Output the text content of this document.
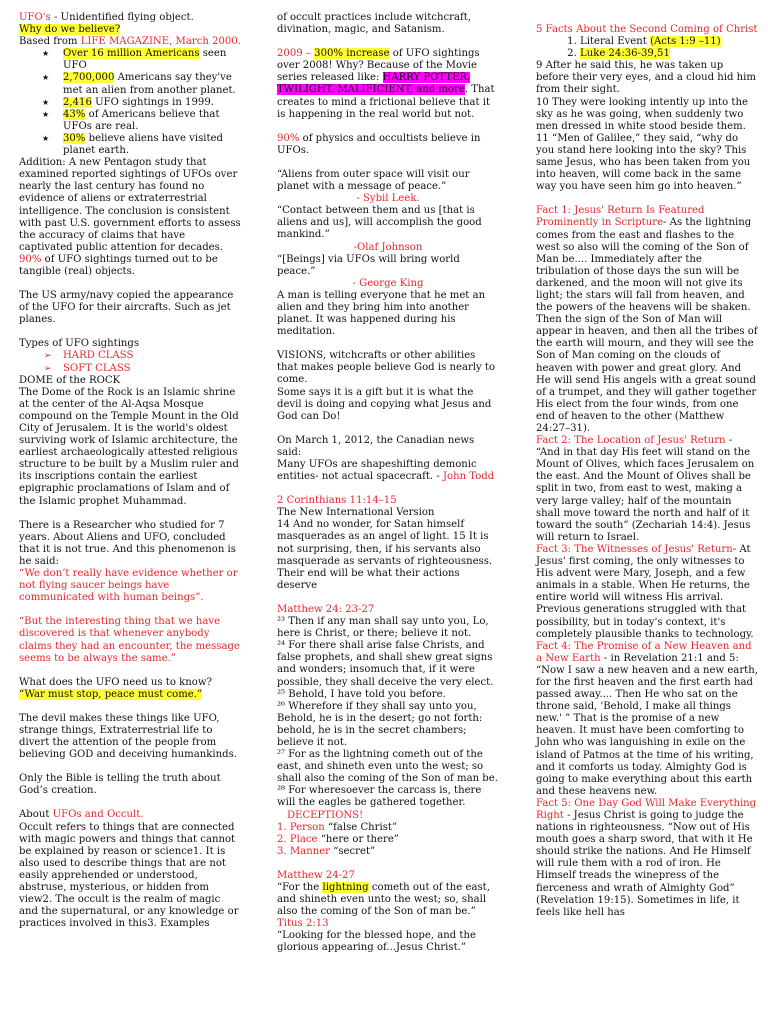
UFO's - Unidentified flying object.

Why do we believe?

Based from LIFE MAGAZINE, March 2000.

★ Over 16 million Americans seen UFO
★ 2,700,000 Americans say they've met an alien from another planet.
★ 2,416 UFO sightings in 1999.
★ 43% of Americans believe that UFOs are real.
★ 30% believe aliens have visited planet earth.

Addition: A new Pentagon study that examined reported sightings of UFOs over nearly the last century has found no evidence of aliens or extraterrestrial intelligence. The conclusion is consistent with past U.S. government efforts to assess the accuracy of claims that have captivated public attention for decades.

90% of UFO sightings turned out to be tangible (real) objects.

The US army/navy copied the appearance of the UFO for their aircrafts. Such as jet planes.

Types of UFO sightings

➢ HARD CLASS
➢ SOFT CLASS

DOME of the ROCK

The Dome of the Rock is an Islamic shrine at the center of the Al-Aqsa Mosque compound on the Temple Mount in the Old City of Jerusalem. It is the world's oldest surviving work of Islamic architecture, the earliest archaeologically attested religious structure to be built by a Muslim ruler and its inscriptions contain the earliest epigraphic proclamations of Islam and of the Islamic prophet Muhammad.

There is a Researcher who studied for 7 years. About Aliens and UFO, concluded that it is not true. And this phenomenon is he said:

“We don’t really have evidence whether or not flying saucer beings have communicated with human beings”.

“But the interesting thing that we have discovered is that whenever anybody claims they had an encounter, the message seems to be always the same.”

What does the UFO need us to know?

“War must stop, peace must come.”

The devil makes these things like UFO, strange things, Extraterrestrial life to divert the attention of the people from believing GOD and deceiving humankinds.

Only the Bible is telling the truth about God’s creation.

About UFOs and Occult.

Occult refers to things that are connected with magic powers and things that cannot be explained by reason or science1. It is also used to describe things that are not easily apprehended or understood, abstruse, mysterious, or hidden from view2. The occult is the realm of magic and the supernatural, or any knowledge or practices involved in this3. Examples

of occult practices include witchcraft, divination, magic, and Satanism.

2009 – 300% increase of UFO sightings over 2008! Why? Because of the Movie series released like: HARRY POTTER. TWILIGHT. MALIFICIENT, and more. That creates to mind a frictional believe that it is happening in the real world but not.

90% of physics and occultists believe in UFOs.

“Aliens from outer space will visit our planet with a message of peace.”

- Sybil Leek.

“Contact between them and us [that is aliens and us], will accomplish the good mankind.”

-Olaf Johnson

“[Beings] via UFOs will bring world peace.”

- George King

A man is telling everyone that he met an alien and they bring him into another planet. It was happened during his meditation.

VISIONS, witchcrafts or other abilities that makes people believe God is nearly to come.

Some says it is a gift but it is what the devil is doing and copying what Jesus and God can Do!

On March 1, 2012, the Canadian news said:

Many UFOs are shapeshifting demonic entities- not actual spacecraft. - John Todd

2 Corinthians 11:14–15

The New International Version

14 And no wonder, for Satan himself masquerades as an angel of light. 15 It is not surprising, then, if his servants also masquerade as servants of righteousness. Their end will be what their actions deserve

Matthew 24: 23-27

²³ Then if any man shall say unto you, Lo, here is Christ, or there; believe it not.

²⁴ For there shall arise false Christs, and false prophets, and shall shew great signs and wonders; insomuch that, if it were possible, they shall deceive the very elect.

²⁵ Behold, I have told you before.

²⁶ Wherefore if they shall say unto you, Behold, he is in the desert; go not forth: behold, he is in the secret chambers; believe it not.

²⁷ For as the lightning cometh out of the east, and shineth even unto the west; so shall also the coming of the Son of man be.

²⁸ For wheresoever the carcass is, there will the eagles be gathered together.

DECEPTIONS!

1. Person “false Christ”

2. Place “here or there”

3. Manner “secret”

Matthew 24-27

“For the lightning cometh out of the east, and shineth even unto the west; so, shall also the coming of the Son of man be.”

Titus 2:13

“Looking for the blessed hope, and the glorious appearing of...Jesus Christ.”

5 Facts About the Second Coming of Christ

1. Literal Event (Acts 1:9 –11)
2. Luke 24:36-39,51

9 After he said this, he was taken up before their very eyes, and a cloud hid him from their sight.

10 They were looking intently up into the sky as he was going, when suddenly two men dressed in white stood beside them. 11 “Men of Galilee,” they said, “why do you stand here looking into the sky? This same Jesus, who has been taken from you into heaven, will come back in the same way you have seen him go into heaven.”

Fact 1: Jesus' Return Is Featured Prominently in Scripture- As the lightning comes from the east and flashes to the west so also will the coming of the Son of Man be.... Immediately after the tribulation of those days the sun will be darkened, and the moon will not give its light; the stars will fall from heaven, and the powers of the heavens will be shaken. Then the sign of the Son of Man will appear in heaven, and then all the tribes of the earth will mourn, and they will see the Son of Man coming on the clouds of heaven with power and great glory. And He will send His angels with a great sound of a trumpet, and they will gather together His elect from the four winds, from one end of heaven to the other (Matthew 24:27–31).

Fact 2: The Location of Jesus' Return - “And in that day His feet will stand on the Mount of Olives, which faces Jerusalem on the east. And the Mount of Olives shall be split in two, from east to west, making a very large valley; half of the mountain shall move toward the north and half of it toward the south” (Zechariah 14:4). Jesus will return to Israel.

Fact 3: The Witnesses of Jesus' Return- At Jesus' first coming, the only witnesses to His advent were Mary, Joseph, and a few animals in a stable. When He returns, the entire world will witness His arrival. Previous generations struggled with that possibility, but in today's context, it's completely plausible thanks to technology.

Fact 4: The Promise of a New Heaven and a New Earth - in Revelation 21:1 and 5: “Now I saw a new heaven and a new earth, for the first heaven and the first earth had passed away.... Then He who sat on the throne said, 'Behold, I make all things new.' ” That is the promise of a new heaven. It must have been comforting to John who was languishing in exile on the island of Patmos at the time of his writing, and it comforts us today. Almighty God is going to make everything about this earth and these heavens new.

Fact 5: One Day God Will Make Everything Right - Jesus Christ is going to judge the nations in righteousness. “Now out of His mouth goes a sharp sword, that with it He should strike the nations. And He Himself will rule them with a rod of iron. He Himself treads the winepress of the fierceness and wrath of Almighty God” (Revelation 19:15). Sometimes in life, it feels like hell has
